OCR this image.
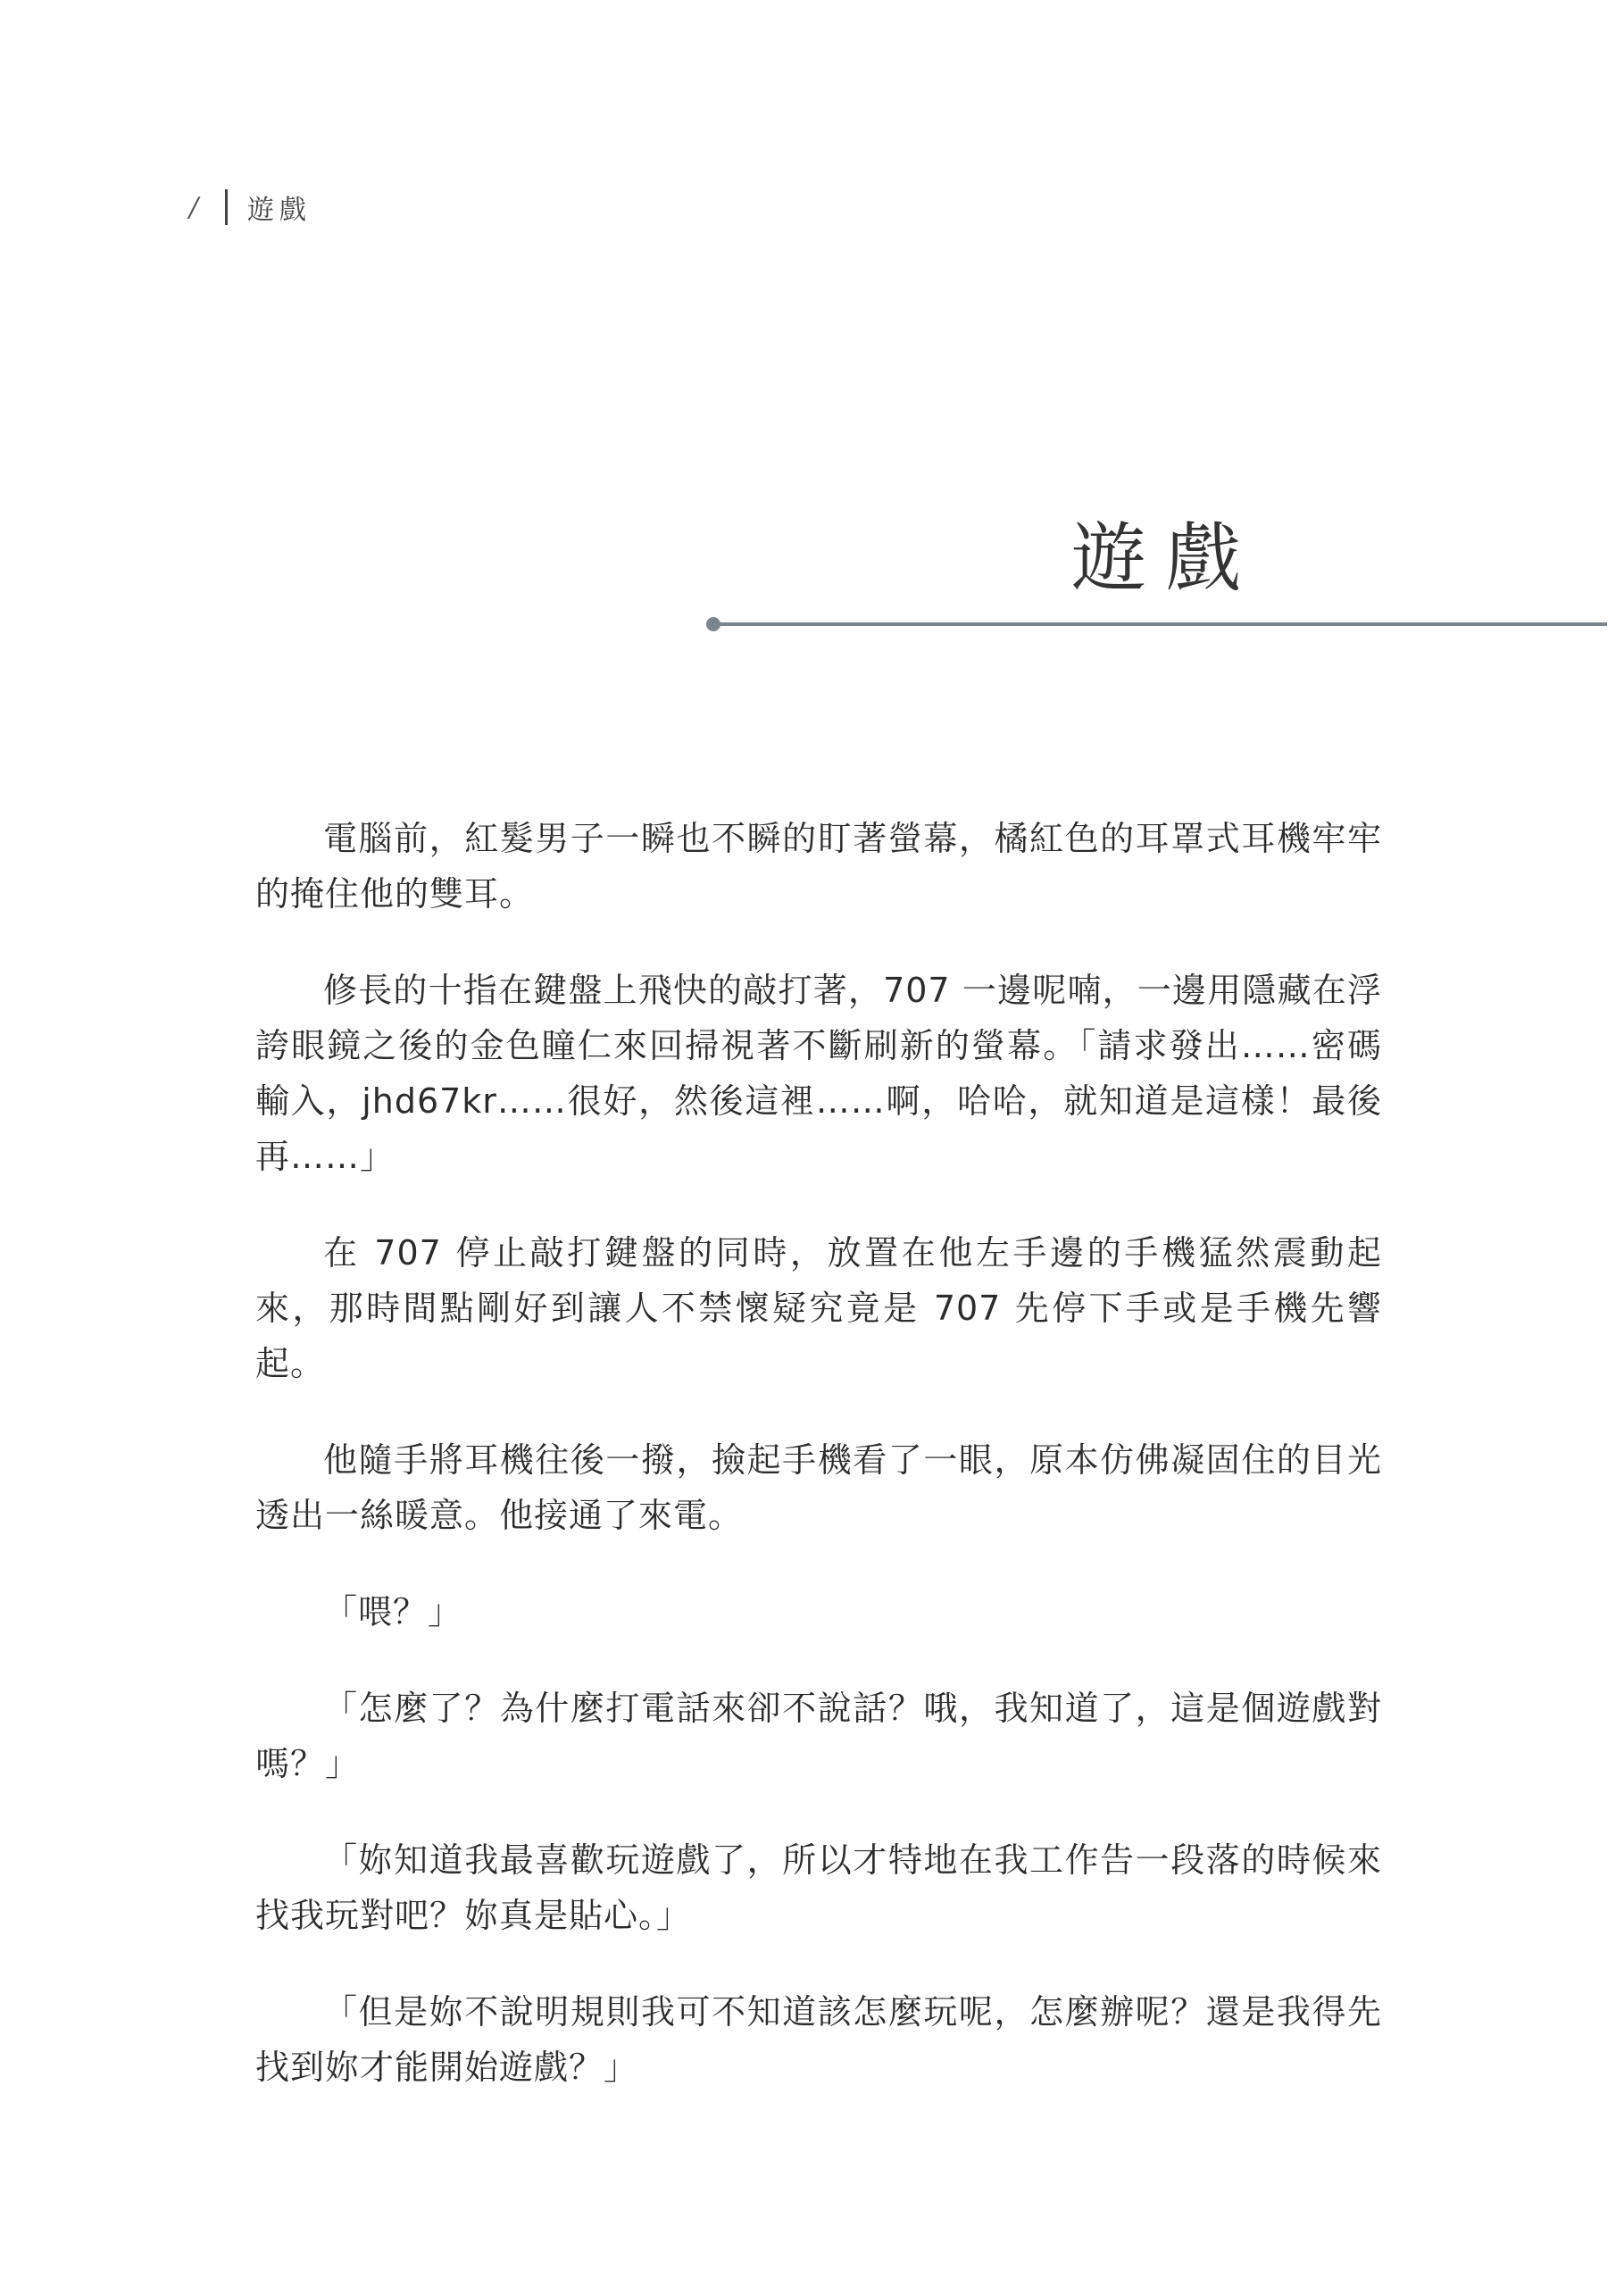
/	遊戲
遊戲

電腦前，紅髮男子一瞬也不瞬的盯著螢幕，橘紅色的耳罩式耳機牢牢的掩住他的雙耳。

修長的十指在鍵盤上飛快的敲打著，707 一邊呢喃，一邊用隱藏在浮誇眼鏡之後的金色瞳仁來回掃視著不斷刷新的螢幕。「請求發出……密碼輸入，jhd67kr……很好，然後這裡……啊，哈哈，就知道是這樣！最後再……」

在 707 停止敲打鍵盤的同時，放置在他左手邊的手機猛然震動起來，那時間點剛好到讓人不禁懷疑究竟是 707 先停下手或是手機先響起。

他隨手將耳機往後一撥，撿起手機看了一眼，原本仿佛凝固住的目光透出一絲暖意。他接通了來電。

「喂？」

「怎麼了？為什麼打電話來卻不說話？哦，我知道了，這是個遊戲對嗎？」

「妳知道我最喜歡玩遊戲了，所以才特地在我工作告一段落的時候來找我玩對吧？妳真是貼心。」

「但是妳不說明規則我可不知道該怎麼玩呢，怎麼辦呢？還是我得先找到妳才能開始遊戲？」
